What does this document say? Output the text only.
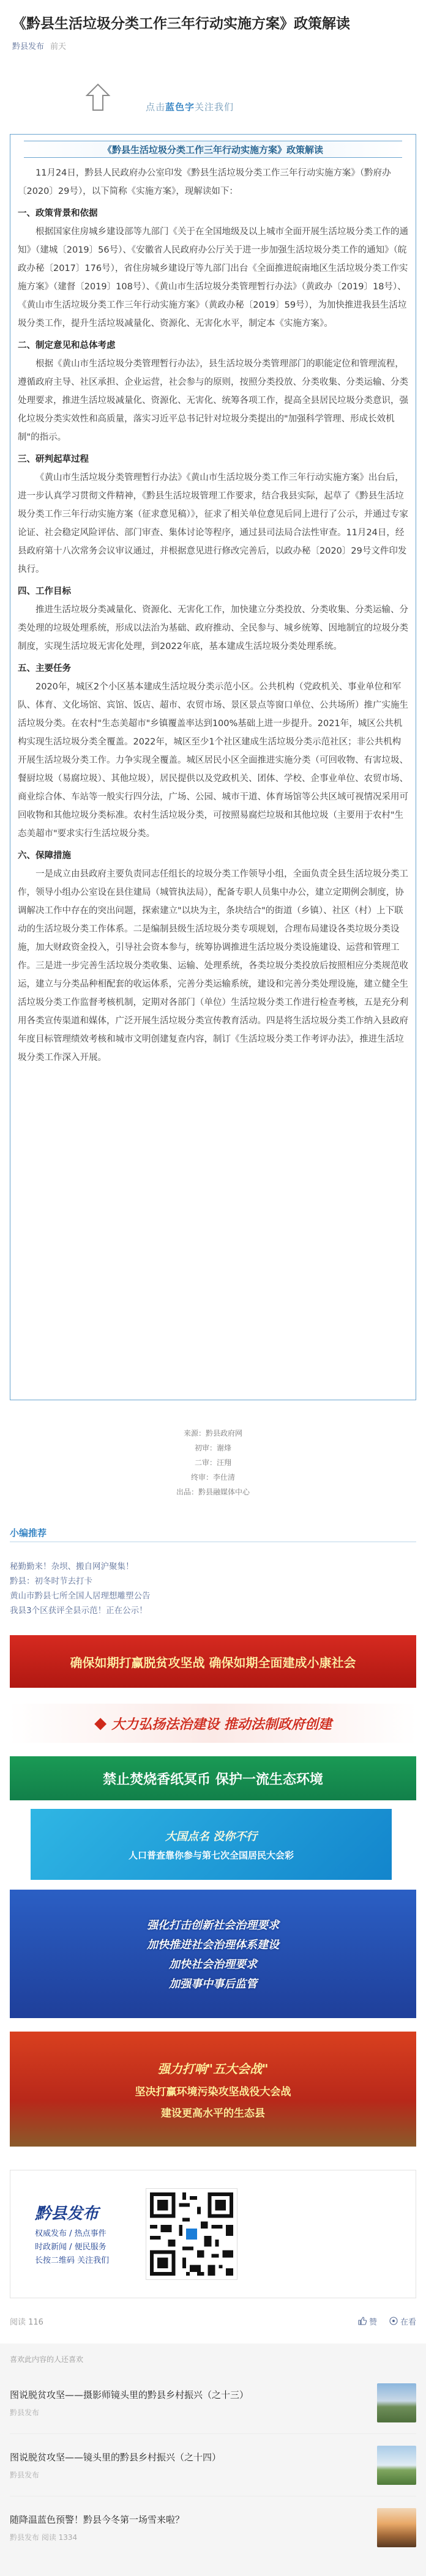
《黔县生活垃圾分类工作三年行动实施方案》政策解读
黔县发布 前天
点击蓝色字关注我们
《黔县生活垃圾分类工作三年行动实施方案》政策解读

11月24日，黔县人民政府办公室印发《黔县生活垃圾分类工作三年行动实施方案》（黔府办〔2020〕29号），以下简称《实施方案》，现解读如下：

一、政策背景和依据

根据国家住房城乡建设部等九部门《关于在全国地级及以上城市全面开展生活垃圾分类工作的通知》（建城〔2019〕56号）、《安徽省人民政府办公厅关于进一步加强生活垃圾分类工作的通知》（皖政办秘〔2017〕176号），省住房城乡建设厅等九部门出台《全面推进皖南地区生活垃圾分类工作实施方案》（建督〔2019〕108号）、《黄山市生活垃圾分类管理暂行办法》（黄政办〔2019〕18号）、《黄山市生活垃圾分类工作三年行动实施方案》（黄政办秘〔2019〕59号），为加快推进我县生活垃圾分类工作，提升生活垃圾减量化、资源化、无害化水平，制定本《实施方案》。

二、制定意见和总体考虑

根据《黄山市生活垃圾分类管理暂行办法》，县生活垃圾分类管理部门的职能定位和管理流程，遵循政府主导、社区承担、企业运营，社会参与的原则，按照分类投放、分类收集、分类运输、分类处理要求，推进生活垃圾减量化、资源化、无害化、统筹各项工作，提高全县居民垃圾分类意识，强化垃圾分类实效性和高质量，落实习近平总书记针对垃圾分类提出的"加强科学管理、形成长效机制"的指示。

三、研判起草过程

《黄山市生活垃圾分类管理暂行办法》《黄山市生活垃圾分类工作三年行动实施方案》出台后，进一步认真学习贯彻文件精神，《黔县生活垃圾管理工作要求，结合我县实际，起草了《黔县生活垃圾分类工作三年行动实施方案（征求意见稿）》，征求了相关单位意见后同上进行了公示，并通过专家论证、社会稳定风险评估、部门审查、集体讨论等程序，通过县司法局合法性审查。11月24日，经县政府第十八次常务会议审议通过，并根据意见进行修改完善后，以政办秘〔2020〕29号文件印发执行。

四、工作目标

推进生活垃圾分类减量化、资源化、无害化工作，加快建立分类投放、分类收集、分类运输、分类处理的垃圾处理系统，形成以法治为基础、政府推动、全民参与、城乡统筹、因地制宜的垃圾分类制度，实现生活垃圾无害化处理，到2022年底，基本建成生活垃圾分类处理系统。

五、主要任务

2020年，城区2个小区基本建成生活垃圾分类示范小区。公共机构（党政机关、事业单位和军队、体育、文化场馆、宾馆、饭店、超市、农贸市场、景区景点等窗口单位、公共场所）推广实施生活垃圾分类。在农村"生态美超市"乡镇覆盖率达到100%基础上进一步提升。2021年，城区公共机构实现生活垃圾分类全覆盖。2022年，城区至少1个社区建成生活垃圾分类示范社区；非公共机构开展生活垃圾分类工作。力争实现全覆盖。城区居民小区全面推进实施分类（可回收物、有害垃圾、餐厨垃圾（易腐垃圾）、其他垃圾），居民提供以及党政机关、团体、学校、企事业单位、农贸市场、商业综合体、车站等一般实行四分法，广场、公园、城市干道、体育场馆等公共区域可视情况采用可回收物和其他垃圾分类标准。农村生活垃圾分类，可按照易腐烂垃圾和其他垃圾（主要用于农村"生态美超市"要求实行生活垃圾分类。

六、保障措施

一是成立由县政府主要负责同志任组长的垃圾分类工作领导小组，全面负责全县生活垃圾分类工作，领导小组办公室设在县住建局（城管执法局），配备专职人员集中办公，建立定期例会制度，协调解决工作中存在的突出问题，探索建立"以块为主，条块结合"的街道（乡镇）、社区（村）上下联动的生活垃圾分类工作体系。二是编制县级生活垃圾分类专项规划，合理布局建设各类垃圾分类设施，加大财政资金投入，引导社会资本参与，统筹协调推进生活垃圾分类设施建设、运营和管理工作。三是进一步完善生活垃圾分类收集、运输、处理系统，各类垃圾分类投放后按照相应分类规范收运，建立与分类品种相配套的收运体系，完善分类运输系统，建设和完善分类处理设施，建立健全生活垃圾分类工作监督考核机制，定期对各部门（单位）生活垃圾分类工作进行检查考核，五是充分利用各类宣传渠道和媒体，广泛开展生活垃圾分类宣传教育活动。四是将生活垃圾分类工作纳入县政府年度目标管理绩效考核和城市文明创建复查内容，制订《生活垃圾分类工作考评办法》，推进生活垃圾分类工作深入开展。

来源：黔县政府网
初审：谢烽
二审：汪翔
终审：李仕清
出品：黔县融媒体中心
小编推荐
秘勤勤来！杂坝、搬自网沪聚集！
黔县：初冬时节去打卡
黄山市黔县七所全国人居理想雕塑公告
我县3个区获评全县示范！正在公示！
确保如期打赢脱贫攻坚战 确保如期全面建成小康社会
◆ 大力弘扬法治建设 推动法制政府创建
禁止焚烧香纸冥币 保护一流生态环境
大国点名 没你不行
人口普查靠你参与第七次全国居民大会彩
强化打击创新社会治理要求
加快推进社会治理体系建设
加快社会治理要求
加强事中事后监管
强力打响"五大会战"
坚决打赢环境污染攻坚战役大会战
建设更高水平的生态县
黔县发布
权威发布 / 热点事件
时政新闻 / 便民服务
长按二维码 关注我们
阅读 116	赞	在看
喜欢此内容的人还喜欢
图说脱贫攻坚——摄影师镜头里的黔县乡村振兴（之十三）
黔县发布
图说脱贫攻坚——镜头里的黔县乡村振兴（之十四）
黔县发布
随降温蓝色预警！黔县今冬第一场雪来啦？
黔县发布 阅读 1334
